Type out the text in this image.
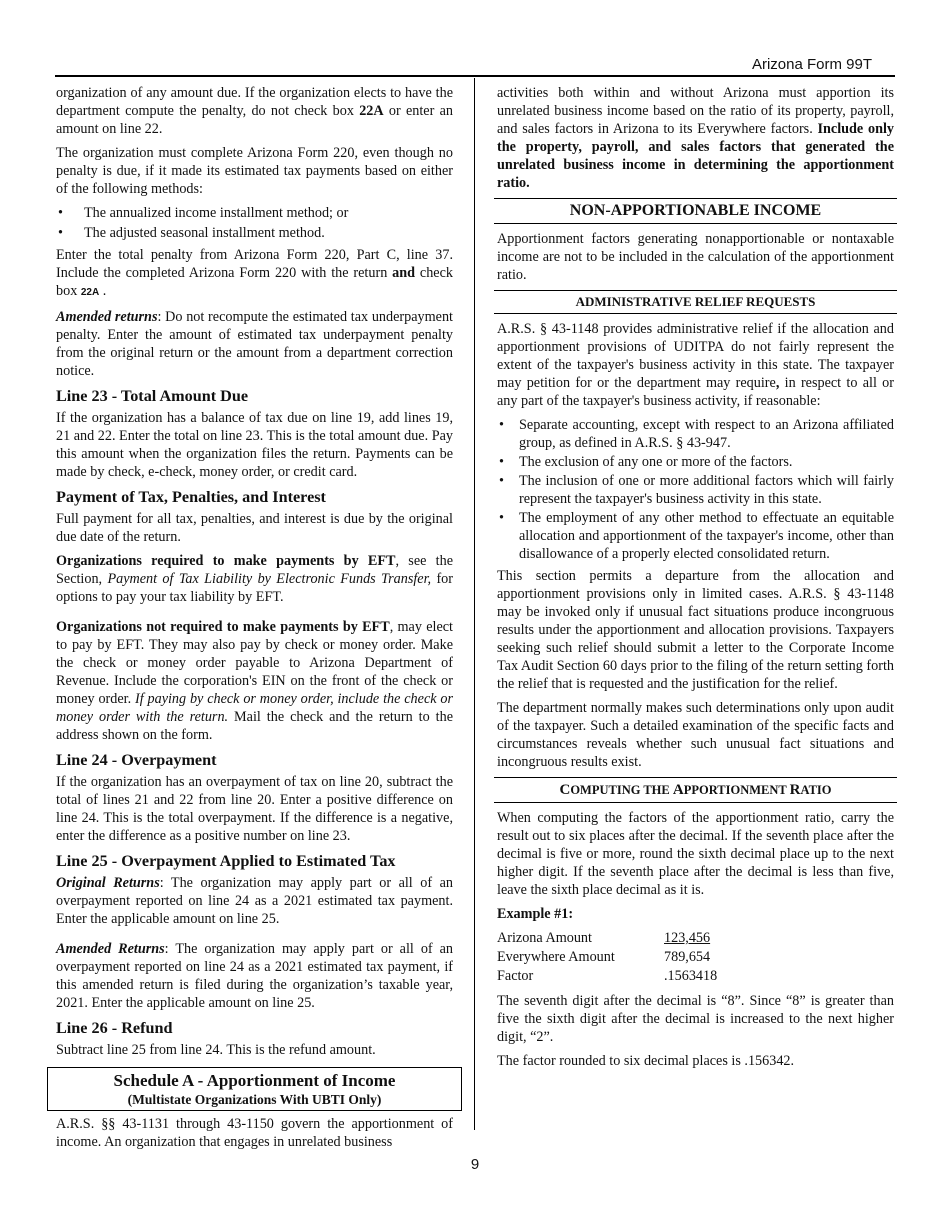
Arizona Form 99T

organization of any amount due. If the organization elects to have the department compute the penalty, do not check box 22A or enter an amount on line 22.

The organization must complete Arizona Form 220, even though no penalty is due, if it made its estimated tax payments based on either of the following methods:

• The annualized income installment method; or
• The adjusted seasonal installment method.

Enter the total penalty from Arizona Form 220, Part C, line 37. Include the completed Arizona Form 220 with the return and check box 22A .

Amended returns: Do not recompute the estimated tax underpayment penalty. Enter the amount of estimated tax underpayment penalty from the original return or the amount from a department correction notice.

Line 23 - Total Amount Due

If the organization has a balance of tax due on line 19, add lines 19, 21 and 22. Enter the total on line 23. This is the total amount due. Pay this amount when the organization files the return. Payments can be made by check, e-check, money order, or credit card.

Payment of Tax, Penalties, and Interest

Full payment for all tax, penalties, and interest is due by the original due date of the return.

Organizations required to make payments by EFT, see the Section, Payment of Tax Liability by Electronic Funds Transfer, for options to pay your tax liability by EFT.

Organizations not required to make payments by EFT, may elect to pay by EFT. They may also pay by check or money order. Make the check or money order payable to Arizona Department of Revenue. Include the corporation's EIN on the front of the check or money order. If paying by check or money order, include the check or money order with the return. Mail the check and the return to the address shown on the form.

Line 24 - Overpayment

If the organization has an overpayment of tax on line 20, subtract the total of lines 21 and 22 from line 20. Enter a positive difference on line 24. This is the total overpayment. If the difference is a negative, enter the difference as a positive number on line 23.

Line 25 - Overpayment Applied to Estimated Tax

Original Returns: The organization may apply part or all of an overpayment reported on line 24 as a 2021 estimated tax payment. Enter the applicable amount on line 25.

Amended Returns: The organization may apply part or all of an overpayment reported on line 24 as a 2021 estimated tax payment, if this amended return is filed during the organization’s taxable year, 2021. Enter the applicable amount on line 25.

Line 26 - Refund

Subtract line 25 from line 24. This is the refund amount.

Schedule A - Apportionment of Income
(Multistate Organizations With UBTI Only)

A.R.S. §§ 43-1131 through 43-1150 govern the apportionment of income. An organization that engages in unrelated business

activities both within and without Arizona must apportion its unrelated business income based on the ratio of its property, payroll, and sales factors in Arizona to its Everywhere factors. Include only the property, payroll, and sales factors that generated the unrelated business income in determining the apportionment ratio.

NON-APPORTIONABLE INCOME

Apportionment factors generating nonapportionable or nontaxable income are not to be included in the calculation of the apportionment ratio.

ADMINISTRATIVE RELIEF REQUESTS

A.R.S. § 43-1148 provides administrative relief if the allocation and apportionment provisions of UDITPA do not fairly represent the extent of the taxpayer's business activity in this state. The taxpayer may petition for or the department may require, in respect to all or any part of the taxpayer's business activity, if reasonable:

• Separate accounting, except with respect to an Arizona affiliated group, as defined in A.R.S. § 43-947.
• The exclusion of any one or more of the factors.
• The inclusion of one or more additional factors which will fairly represent the taxpayer's business activity in this state.
• The employment of any other method to effectuate an equitable allocation and apportionment of the taxpayer's income, other than disallowance of a properly elected consolidated return.

This section permits a departure from the allocation and apportionment provisions only in limited cases. A.R.S. § 43-1148 may be invoked only if unusual fact situations produce incongruous results under the apportionment and allocation provisions. Taxpayers seeking such relief should submit a letter to the Corporate Income Tax Audit Section 60 days prior to the filing of the return setting forth the relief that is requested and the justification for the relief.

The department normally makes such determinations only upon audit of the taxpayer. Such a detailed examination of the specific facts and circumstances reveals whether such unusual fact situations and incongruous results exist.

COMPUTING THE APPORTIONMENT RATIO

When computing the factors of the apportionment ratio, carry the result out to six places after the decimal. If the seventh place after the decimal is five or more, round the sixth decimal place up to the next higher digit. If the seventh place after the decimal is less than five, leave the sixth place decimal as it is.

Example #1:

Arizona Amount	123,456
Everywhere Amount	789,654
Factor	.1563418

The seventh digit after the decimal is “8”. Since “8” is greater than five the sixth digit after the decimal is increased to the next higher digit, “2”.

The factor rounded to six decimal places is .156342.

9
